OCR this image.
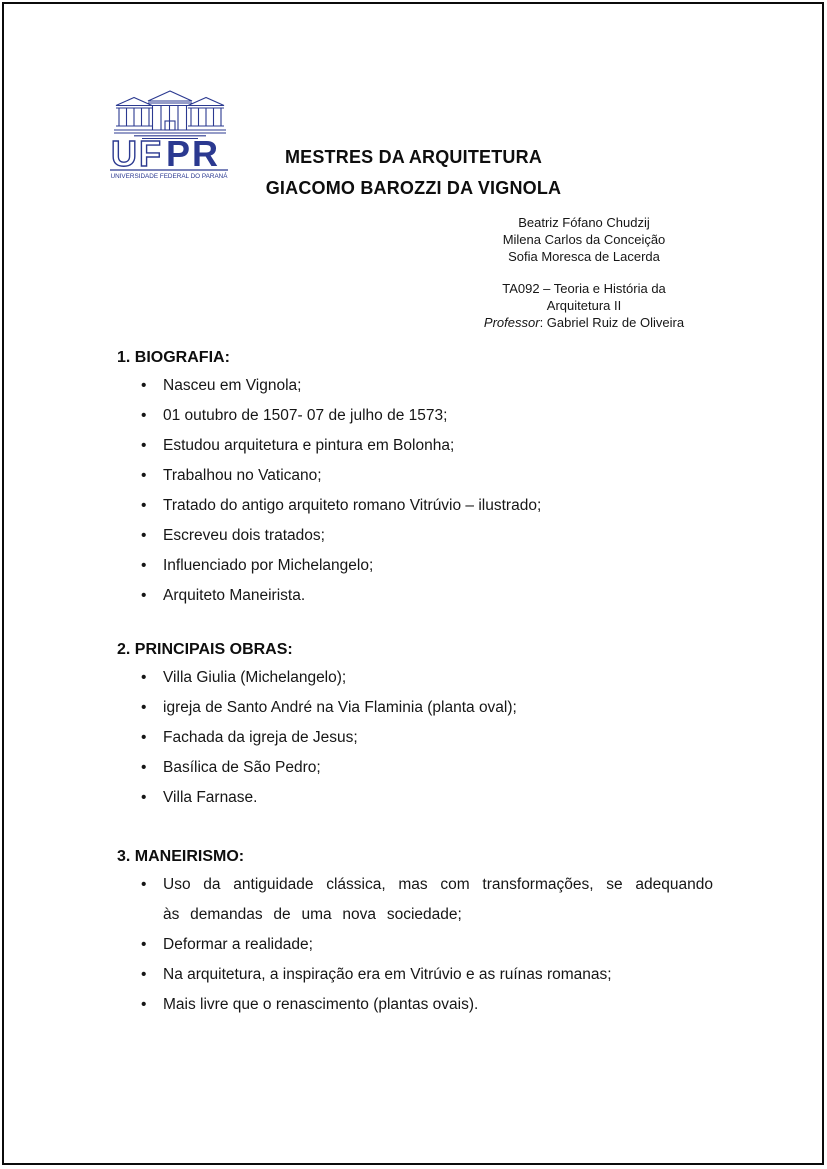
UF PR
UNIVERSIDADE FEDERAL DO PARANÁ
MESTRES DA ARQUITETURA
GIACOMO BAROZZI DA VIGNOLA
Beatriz Fófano Chudzij
Milena Carlos da Conceição
Sofia Moresca de Lacerda
TA092 – Teoria e História da
Arquitetura II
Professor: Gabriel Ruiz de Oliveira
1. BIOGRAFIA:
• Nasceu em Vignola;
• 01 outubro de 1507- 07 de julho de 1573;
• Estudou arquitetura e pintura em Bolonha;
• Trabalhou no Vaticano;
• Tratado do antigo arquiteto romano Vitrúvio – ilustrado;
• Escreveu dois tratados;
• Influenciado por Michelangelo;
• Arquiteto Maneirista.
2. PRINCIPAIS OBRAS:
• Villa Giulia (Michelangelo);
• igreja de Santo André na Via Flaminia (planta oval);
• Fachada da igreja de Jesus;
• Basílica de São Pedro;
• Villa Farnase.
3. MANEIRISMO:
• Uso da antiguidade clássica, mas com transformações, se adequando às demandas de uma nova sociedade;
• Deformar a realidade;
• Na arquitetura, a inspiração era em Vitrúvio e as ruínas romanas;
• Mais livre que o renascimento (plantas ovais).
